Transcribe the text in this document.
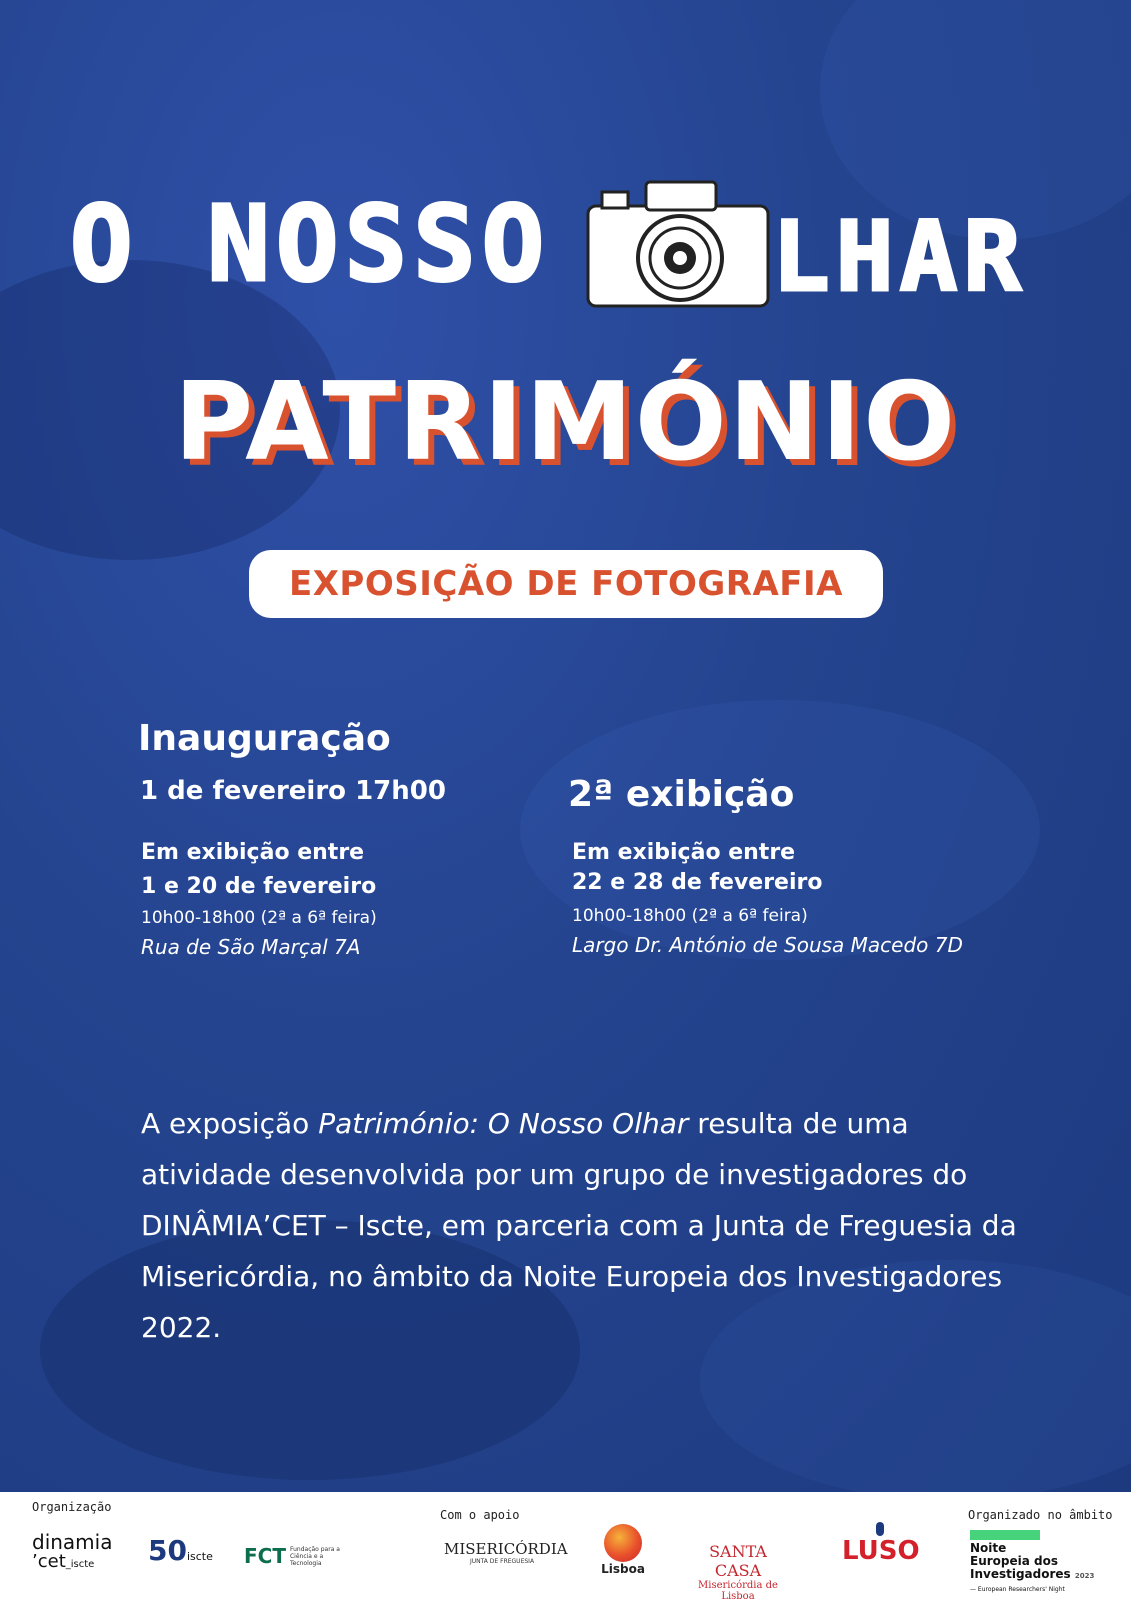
O NOSSO LHAR
PATRIMÓNIO
EXPOSIÇÃO DE FOTOGRAFIA
Inauguração
1 de fevereiro 17h00
Em exibição entre
1 e 20 de fevereiro
10h00-18h00 (2ª a 6ª feira)
Rua de São Marçal 7A
2ª exibição
Em exibição entre
22 e 28 de fevereiro
10h00-18h00 (2ª a 6ª feira)
Largo Dr. António de Sousa Macedo 7D
A exposição Património: O Nosso Olhar resulta de uma atividade desenvolvida por um grupo de investigadores do DINÂMIA’CET – Iscte, em parceria com a Junta de Freguesia da Misericórdia, no âmbito da Noite Europeia dos Investigadores 2022.
Organização
Com o apoio	Organizado no âmbito
dinamia
’cet_iscte	50iscte FCT Fundação para a Ciência e a Tecnologia
MISERICÓRDIA
JUNTA DE FREGUESIA
Lisboa
SANTA CASA
Misericórdia de Lisboa
LUSO	Noite
Europeia dos
Investigadores 2023
— European Researchers' Night
